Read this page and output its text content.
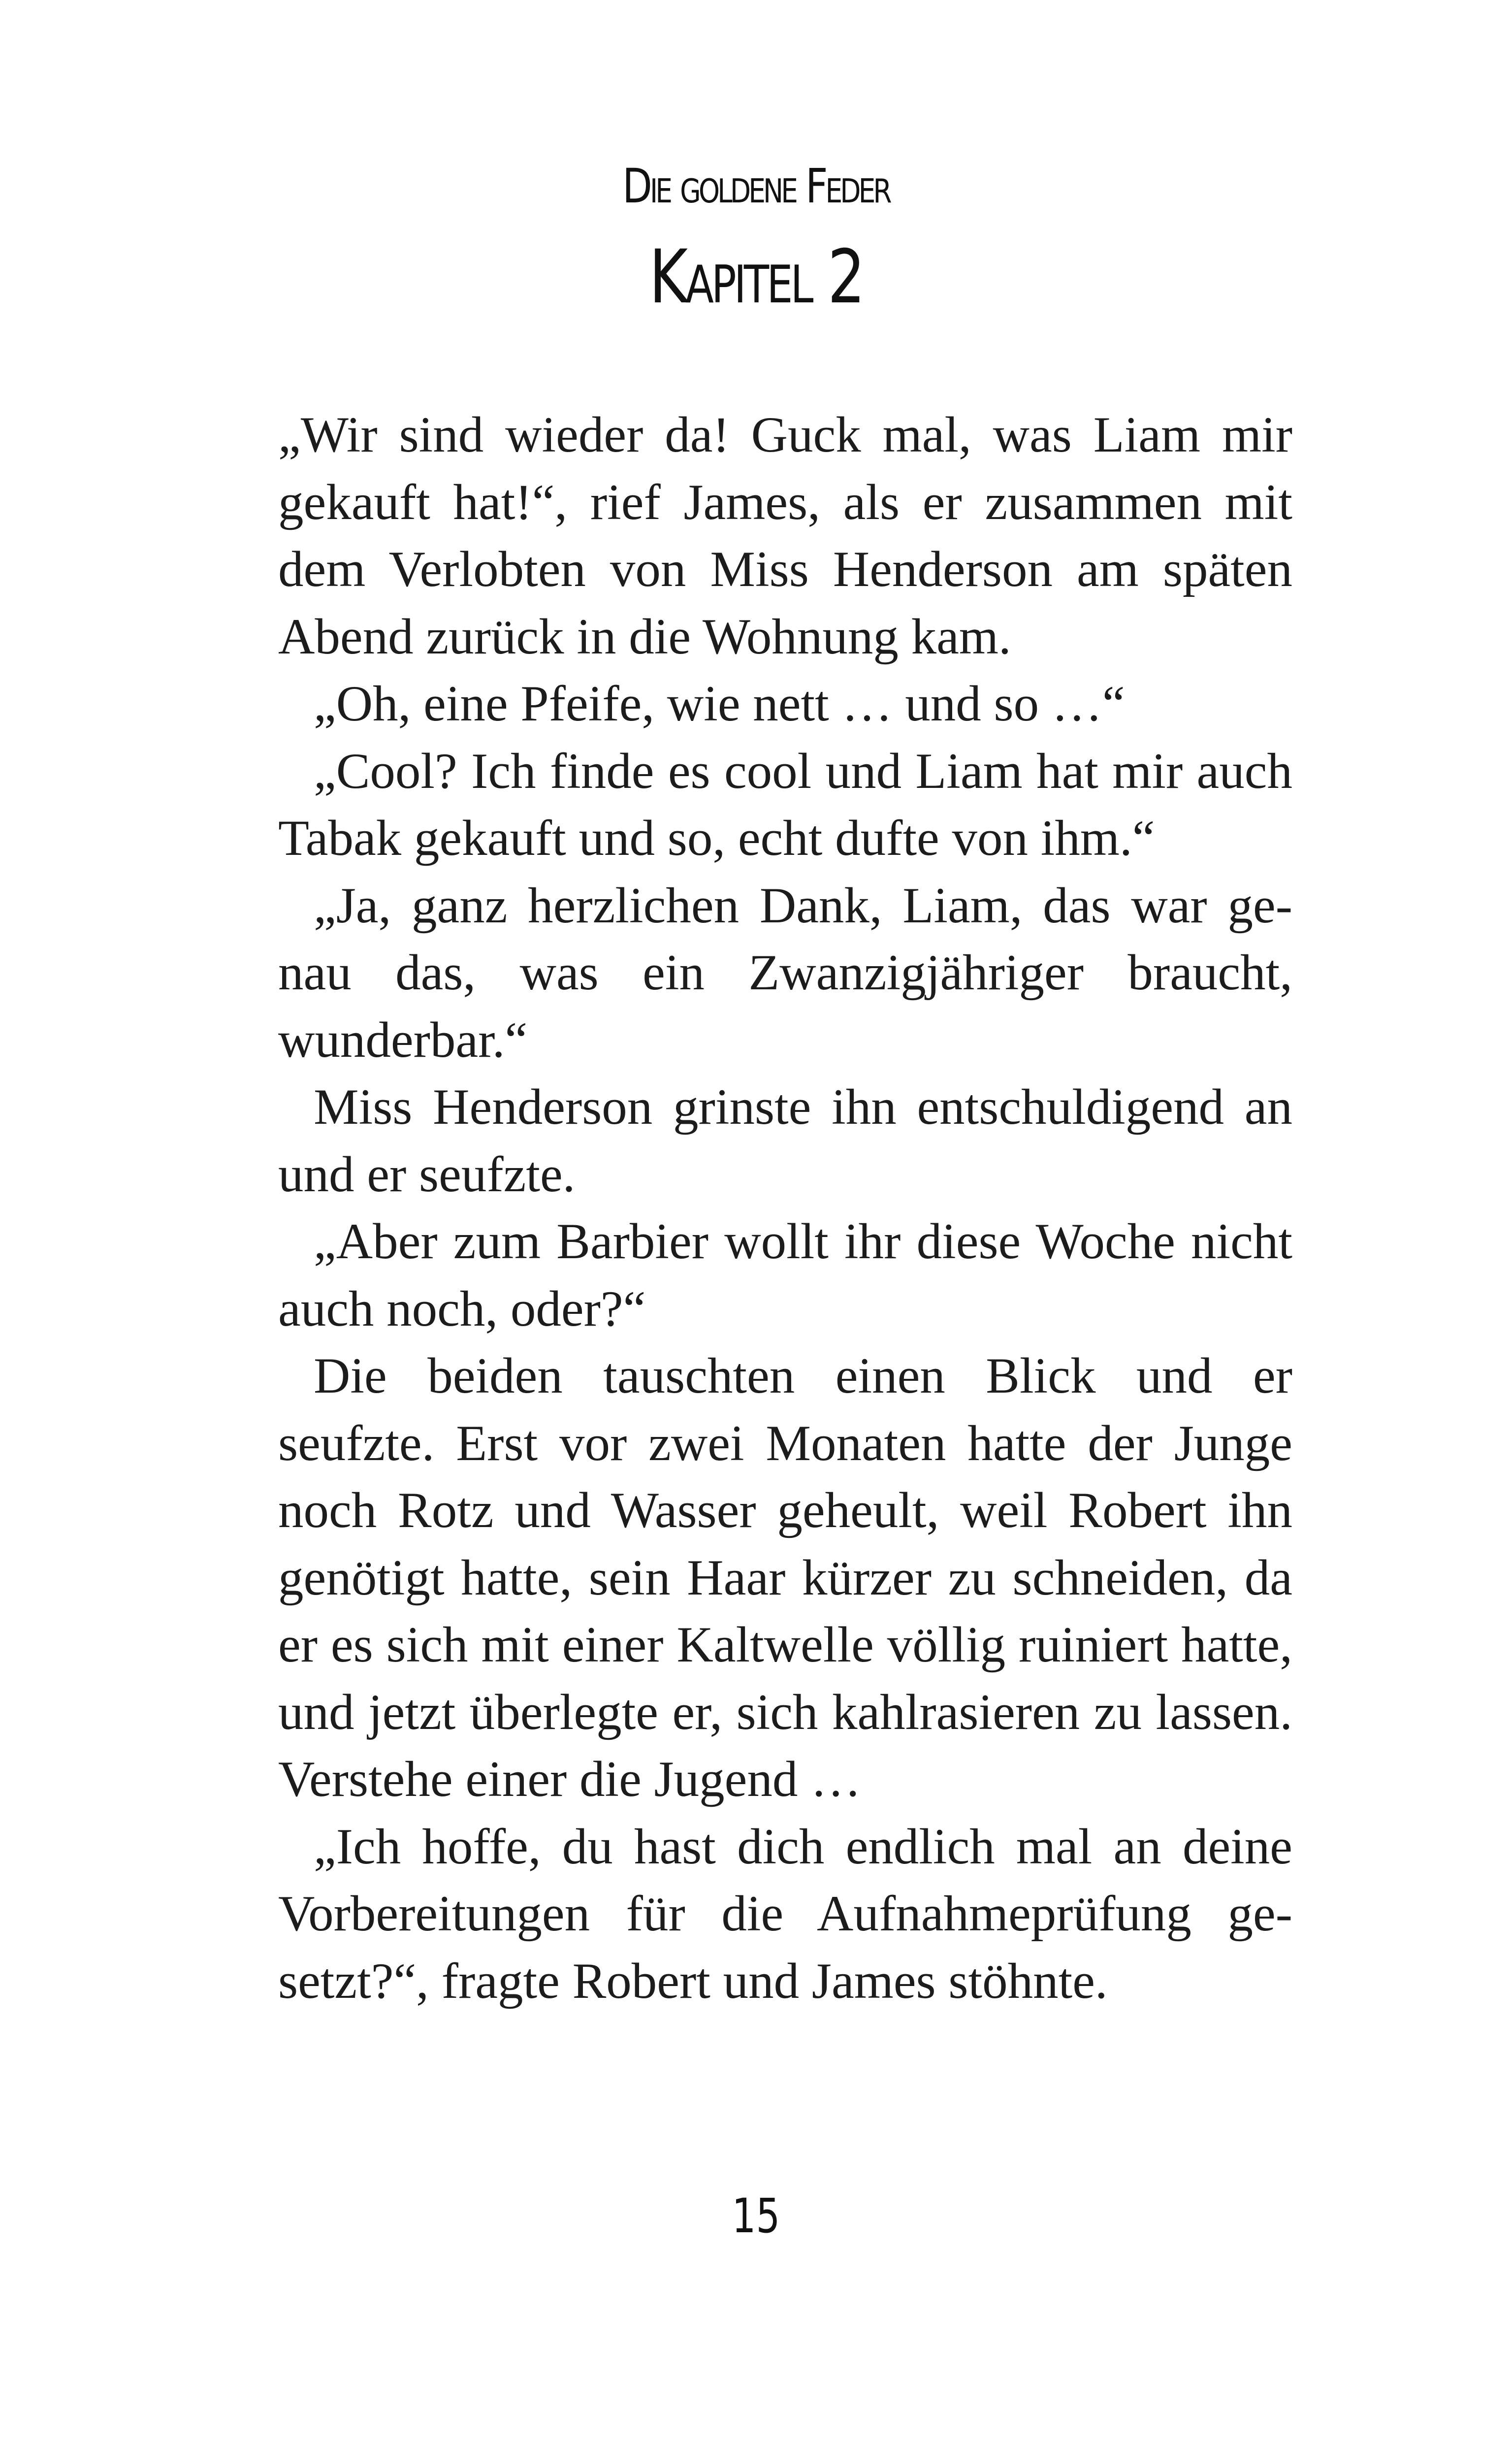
Die goldene Feder
Kapitel 2

„Wir sind wieder da! Guck mal, was Liam mir gekauft hat!“, rief James, als er zusammen mit dem Verlobten von Miss Henderson am späten Abend zurück in die Wohnung kam.

„Oh, eine Pfeife, wie nett … und so …“

„Cool? Ich finde es cool und Liam hat mir auch Tabak gekauft und so, echt dufte von ihm.“

„Ja, ganz herzlichen Dank, Liam, das war genau das, was ein Zwanzigjähriger braucht, wunderbar.“

Miss Henderson grinste ihn entschuldigend an und er seufzte.

„Aber zum Barbier wollt ihr diese Woche nicht auch noch, oder?“

Die beiden tauschten einen Blick und er seufzte. Erst vor zwei Monaten hatte der Junge noch Rotz und Wasser geheult, weil Robert ihn genötigt hatte, sein Haar kürzer zu schneiden, da er es sich mit einer Kaltwelle völlig ruiniert hatte, und jetzt überlegte er, sich kahlrasieren zu lassen. Verstehe einer die Jugend …

„Ich hoffe, du hast dich endlich mal an deine Vorbereitungen für die Aufnahmeprüfung gesetzt?“, fragte Robert und James stöhnte.

15
